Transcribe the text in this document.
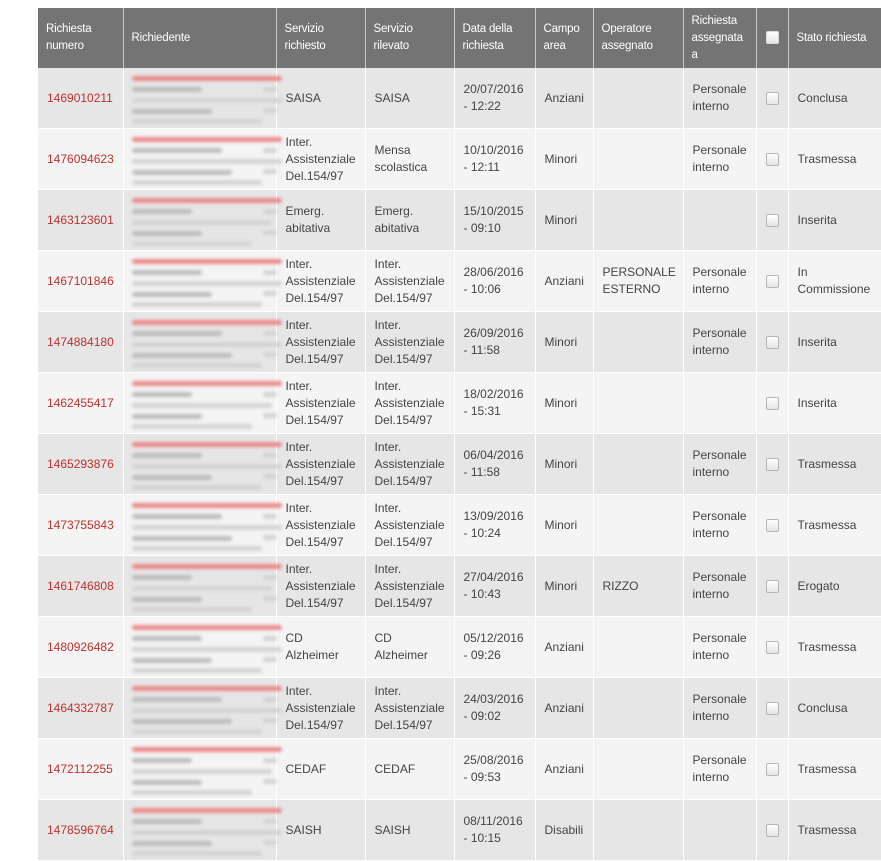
Richiesta numero	Richiedente	Servizio richiesto	Servizio rilevato	Data della richiesta	Campo area	Operatore assegnato	Richiesta assegnata a		Stato richiesta
1469010211		SAISA	SAISA	20/07/2016 - 12:22	Anziani		Personale interno		Conclusa
1476094623		Inter. Assistenziale Del.154/97	Mensa scolastica	10/10/2016 - 12:11	Minori		Personale interno		Trasmessa
1463123601		Emerg. abitativa	Emerg. abitativa	15/10/2015 - 09:10	Minori				Inserita
1467101846		Inter. Assistenziale Del.154/97	Inter. Assistenziale Del.154/97	28/06/2016 - 10:06	Anziani	PERSONALE ESTERNO	Personale interno		In Commissione
1474884180		Inter. Assistenziale Del.154/97	Inter. Assistenziale Del.154/97	26/09/2016 - 11:58	Minori		Personale interno		Inserita
1462455417		Inter. Assistenziale Del.154/97	Inter. Assistenziale Del.154/97	18/02/2016 - 15:31	Minori				Inserita
1465293876		Inter. Assistenziale Del.154/97	Inter. Assistenziale Del.154/97	06/04/2016 - 11:58	Minori		Personale interno		Trasmessa
1473755843		Inter. Assistenziale Del.154/97	Inter. Assistenziale Del.154/97	13/09/2016 - 10:24	Minori		Personale interno		Trasmessa
1461746808		Inter. Assistenziale Del.154/97	Inter. Assistenziale Del.154/97	27/04/2016 - 10:43	Minori	RIZZO	Personale interno		Erogato
1480926482		CD Alzheimer	CD Alzheimer	05/12/2016 - 09:26	Anziani		Personale interno		Trasmessa
1464332787		Inter. Assistenziale Del.154/97	Inter. Assistenziale Del.154/97	24/03/2016 - 09:02	Anziani		Personale interno		Conclusa
1472112255		CEDAF	CEDAF	25/08/2016 - 09:53	Anziani		Personale interno		Trasmessa
1478596764		SAISH	SAISH	08/11/2016 - 10:15	Disabili				Trasmessa
